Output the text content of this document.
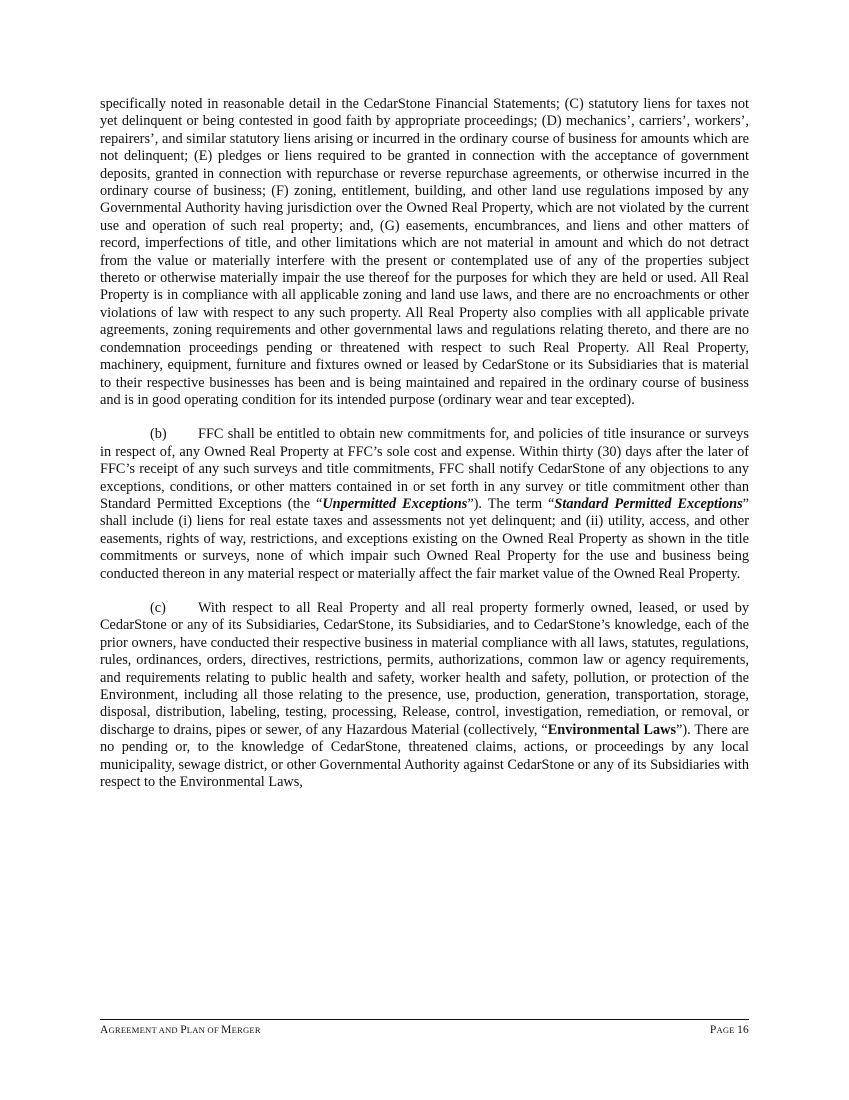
specifically noted in reasonable detail in the CedarStone Financial Statements; (C) statutory liens for taxes not yet delinquent or being contested in good faith by appropriate proceedings; (D) mechanics’, carriers’, workers’, repairers’, and similar statutory liens arising or incurred in the ordinary course of business for amounts which are not delinquent; (E) pledges or liens required to be granted in connection with the acceptance of government deposits, granted in connection with repurchase or reverse repurchase agreements, or otherwise incurred in the ordinary course of business; (F) zoning, entitlement, building, and other land use regulations imposed by any Governmental Authority having jurisdiction over the Owned Real Property, which are not violated by the current use and operation of such real property; and, (G) easements, encumbrances, and liens and other matters of record, imperfections of title, and other limitations which are not material in amount and which do not detract from the value or materially interfere with the present or contemplated use of any of the properties subject thereto or otherwise materially impair the use thereof for the purposes for which they are held or used. All Real Property is in compliance with all applicable zoning and land use laws, and there are no encroachments or other violations of law with respect to any such property. All Real Property also complies with all applicable private agreements, zoning requirements and other governmental laws and regulations relating thereto, and there are no condemnation proceedings pending or threatened with respect to such Real Property. All Real Property, machinery, equipment, furniture and fixtures owned or leased by CedarStone or its Subsidiaries that is material to their respective businesses has been and is being maintained and repaired in the ordinary course of business and is in good operating condition for its intended purpose (ordinary wear and tear excepted).

(b) FFC shall be entitled to obtain new commitments for, and policies of title insurance or surveys in respect of, any Owned Real Property at FFC’s sole cost and expense. Within thirty (30) days after the later of FFC’s receipt of any such surveys and title commitments, FFC shall notify CedarStone of any objections to any exceptions, conditions, or other matters contained in or set forth in any survey or title commitment other than Standard Permitted Exceptions (the “Unpermitted Exceptions”). The term “Standard Permitted Exceptions” shall include (i) liens for real estate taxes and assessments not yet delinquent; and (ii) utility, access, and other easements, rights of way, restrictions, and exceptions existing on the Owned Real Property as shown in the title commitments or surveys, none of which impair such Owned Real Property for the use and business being conducted thereon in any material respect or materially affect the fair market value of the Owned Real Property.

(c) With respect to all Real Property and all real property formerly owned, leased, or used by CedarStone or any of its Subsidiaries, CedarStone, its Subsidiaries, and to CedarStone’s knowledge, each of the prior owners, have conducted their respective business in material compliance with all laws, statutes, regulations, rules, ordinances, orders, directives, restrictions, permits, authorizations, common law or agency requirements, and requirements relating to public health and safety, worker health and safety, pollution, or protection of the Environment, including all those relating to the presence, use, production, generation, transportation, storage, disposal, distribution, labeling, testing, processing, Release, control, investigation, remediation, or removal, or discharge to drains, pipes or sewer, of any Hazardous Material (collectively, “Environmental Laws”). There are no pending or, to the knowledge of CedarStone, threatened claims, actions, or proceedings by any local municipality, sewage district, or other Governmental Authority against CedarStone or any of its Subsidiaries with respect to the Environmental Laws,

AGREEMENT AND PLAN OF MERGER	PAGE 16
